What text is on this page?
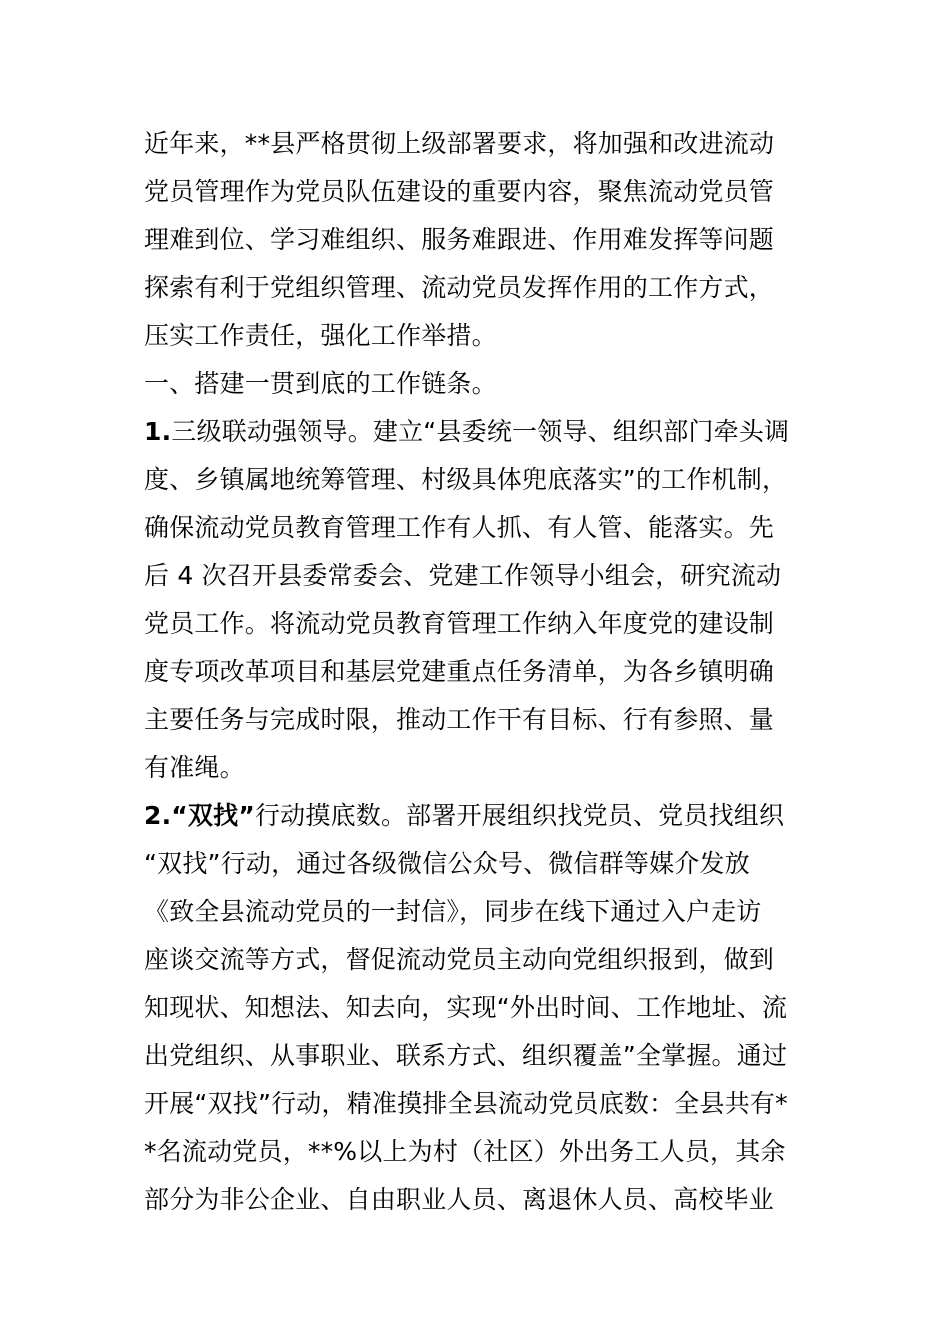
近年来，**县严格贯彻上级部署要求，将加强和改进流动
党员管理作为党员队伍建设的重要内容，聚焦流动党员管
理难到位、学习难组织、服务难跟进、作用难发挥等问题
探索有利于党组织管理、流动党员发挥作用的工作方式，
压实工作责任，强化工作举措。
一、搭建一贯到底的工作链条。
1.三级联动强领导。建立“县委统一领导、组织部门牵头调
度、乡镇属地统筹管理、村级具体兜底落实”的工作机制，
确保流动党员教育管理工作有人抓、有人管、能落实。先
后 4 次召开县委常委会、党建工作领导小组会，研究流动
党员工作。将流动党员教育管理工作纳入年度党的建设制
度专项改革项目和基层党建重点任务清单，为各乡镇明确
主要任务与完成时限，推动工作干有目标、行有参照、量
有准绳。
2.“双找”行动摸底数。部署开展组织找党员、党员找组织
“双找”行动，通过各级微信公众号、微信群等媒介发放
《致全县流动党员的一封信》，同步在线下通过入户走访
座谈交流等方式，督促流动党员主动向党组织报到，做到
知现状、知想法、知去向，实现“外出时间、工作地址、流
出党组织、从事职业、联系方式、组织覆盖”全掌握。通过
开展“双找”行动，精准摸排全县流动党员底数：全县共有*
*名流动党员，**%以上为村（社区）外出务工人员，其余
部分为非公企业、自由职业人员、离退休人员、高校毕业
